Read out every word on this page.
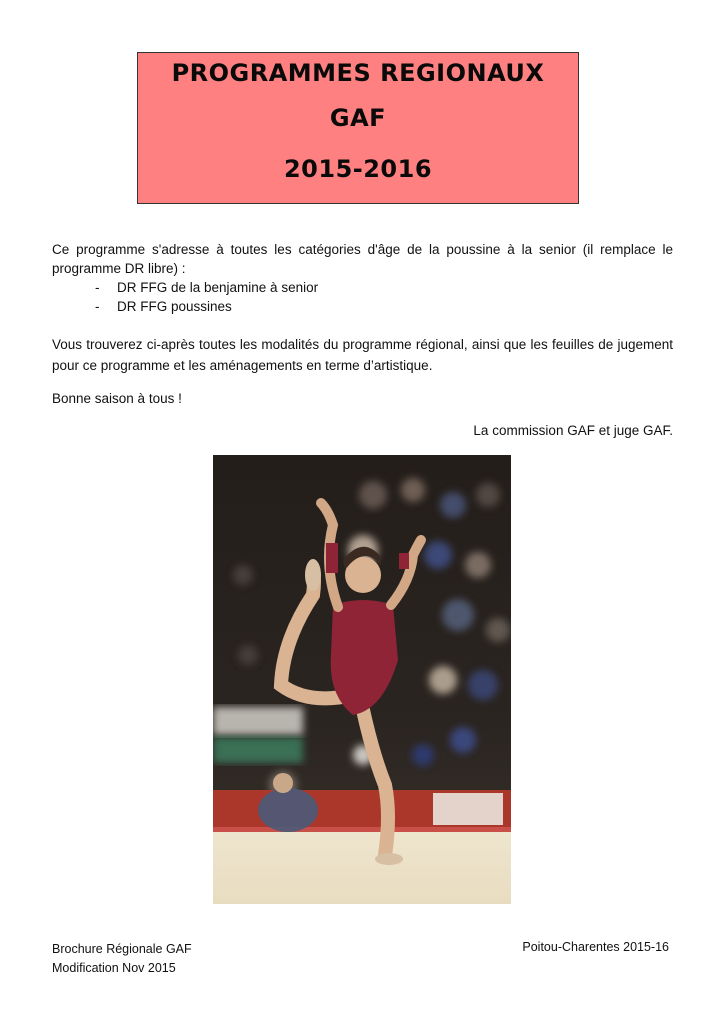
PROGRAMMES REGIONAUX
GAF
2015-2016
Ce programme s'adresse à toutes les catégories d'âge de la poussine à la senior (il remplace le programme DR libre) :
- DR FFG de la benjamine à senior
- DR FFG poussines
Vous trouverez ci-après toutes les modalités du programme régional, ainsi que les feuilles de jugement pour ce programme et les aménagements en terme d’artistique.
Bonne saison à tous !
La commission GAF et juge GAF.
Brochure Régionale GAF
Modification Nov 2015
Poitou-Charentes 2015-16
